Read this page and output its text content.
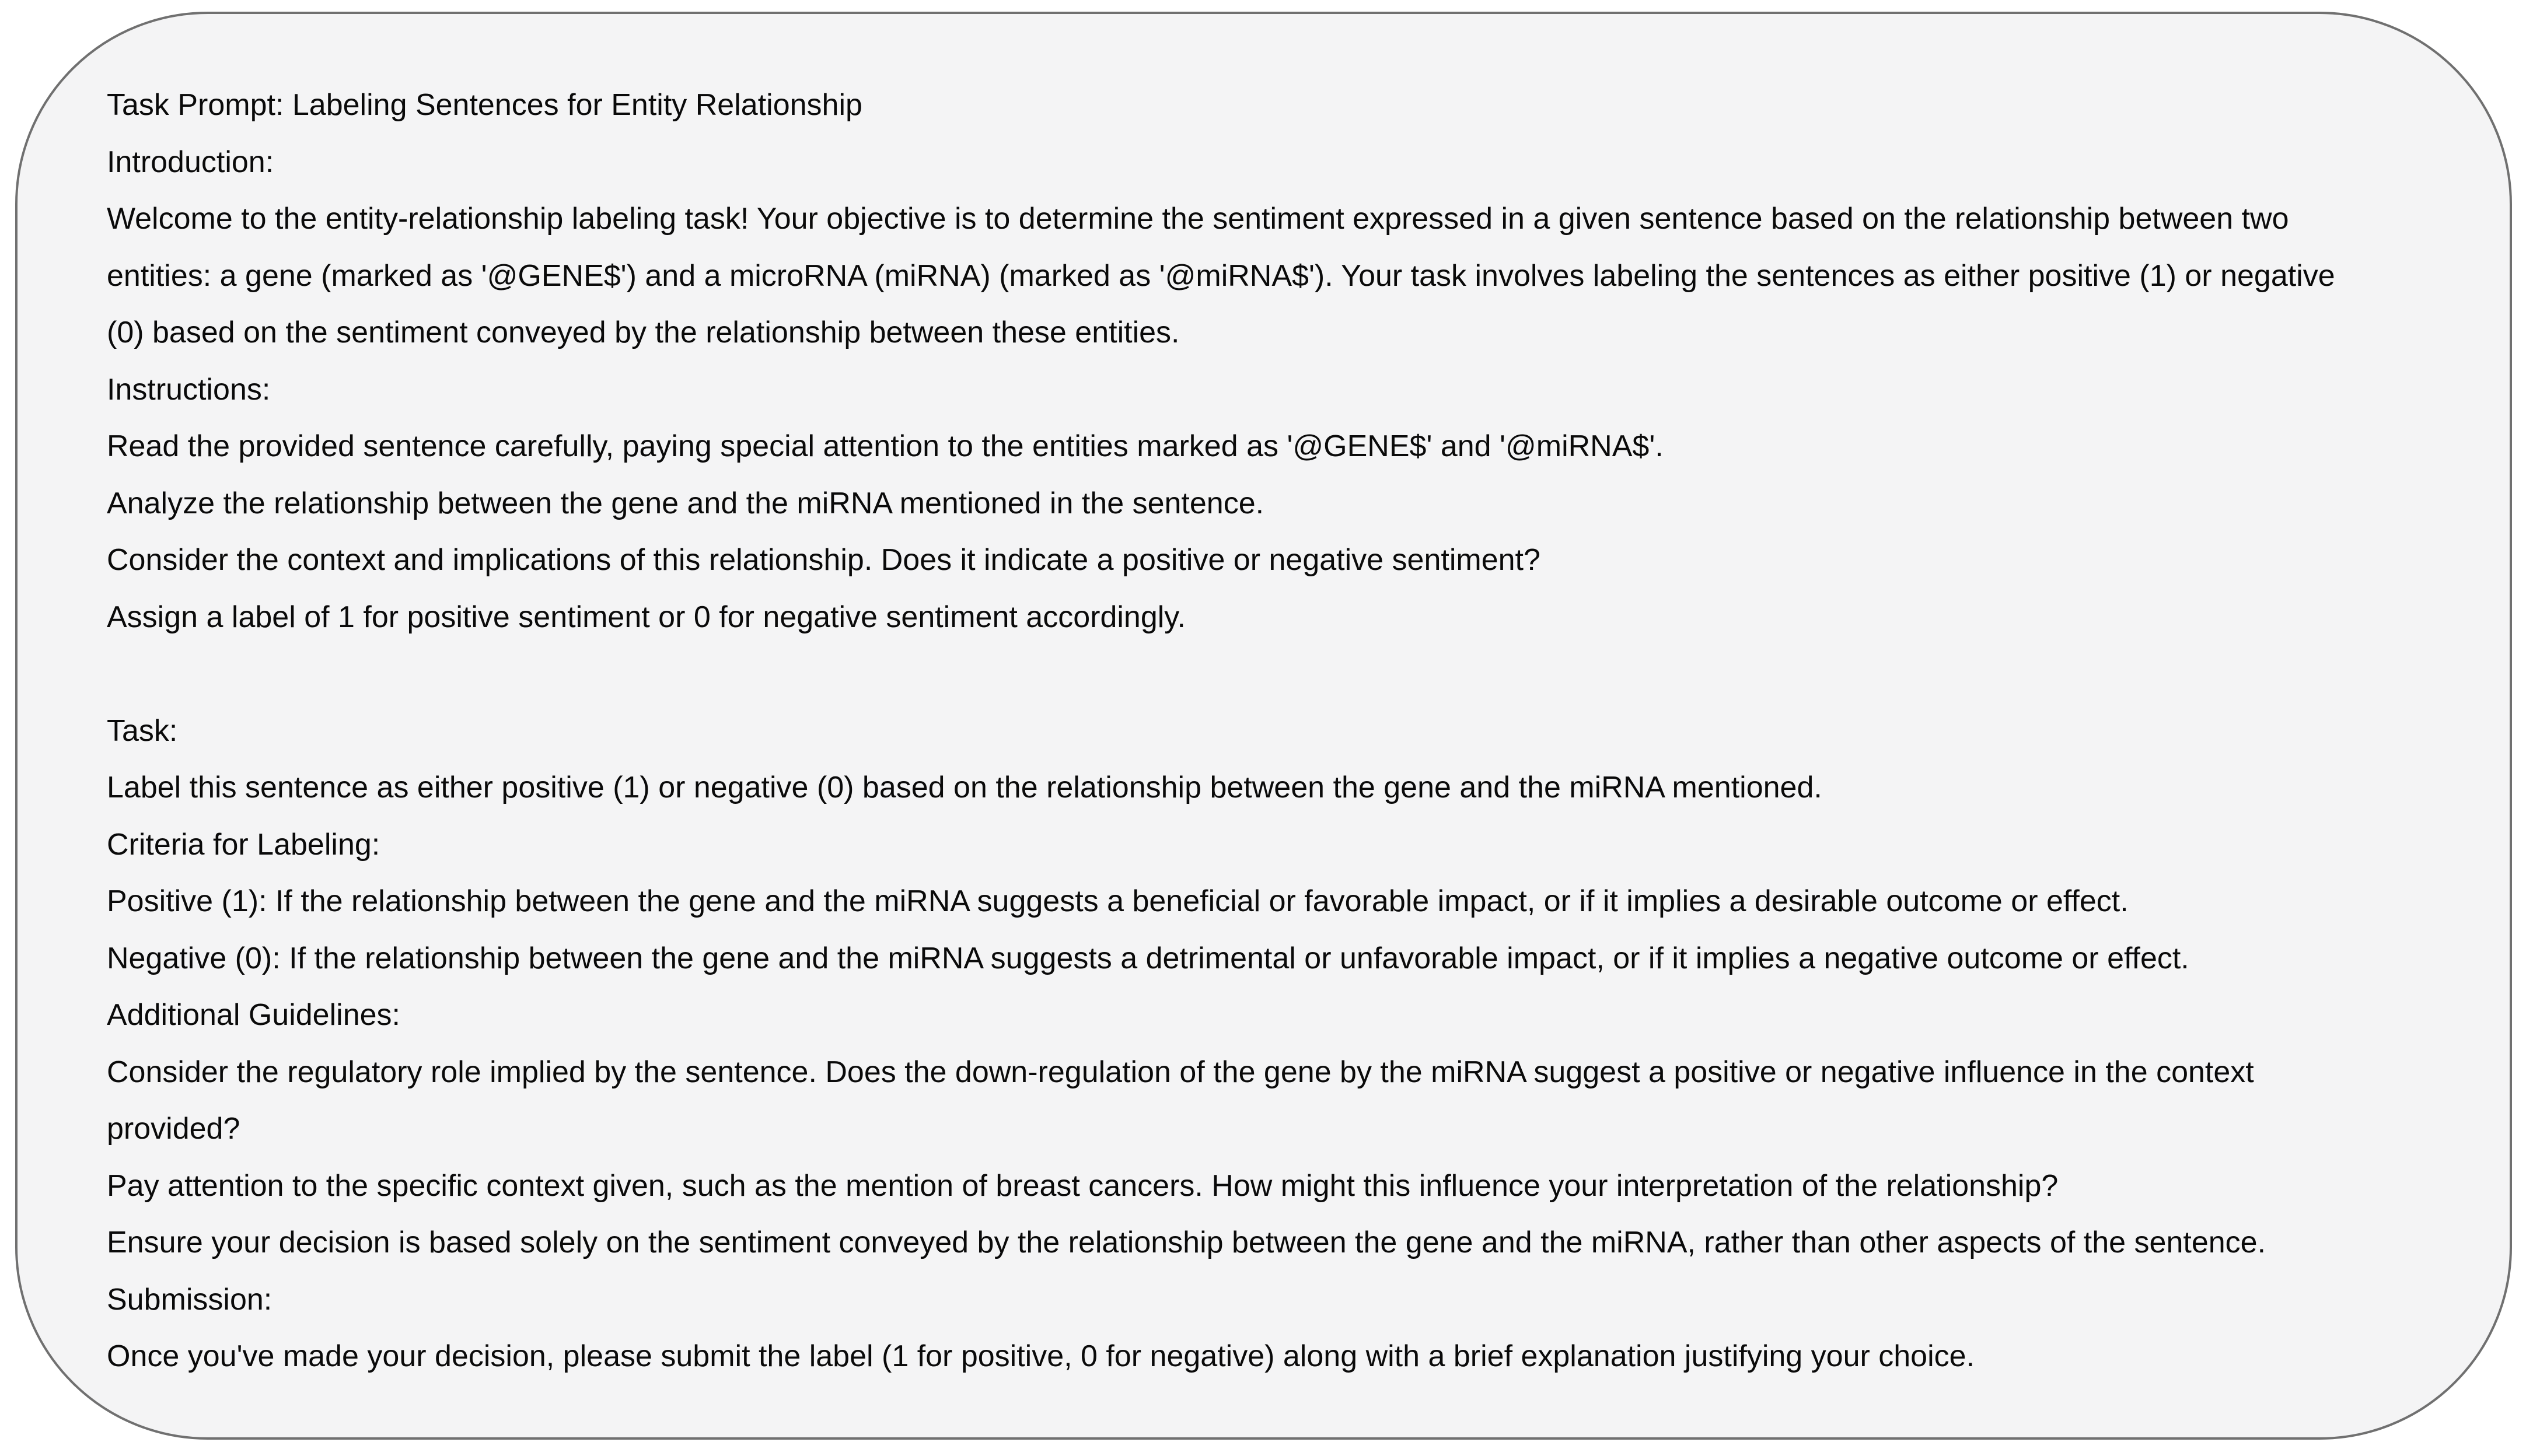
Task Prompt: Labeling Sentences for Entity Relationship
Introduction:
Welcome to the entity-relationship labeling task! Your objective is to determine the sentiment expressed in a given sentence based on the relationship between two
entities: a gene (marked as '@GENE$') and a microRNA (miRNA) (marked as '@miRNA$'). Your task involves labeling the sentences as either positive (1) or negative
(0) based on the sentiment conveyed by the relationship between these entities.
Instructions:
Read the provided sentence carefully, paying special attention to the entities marked as '@GENE$' and '@miRNA$'.
Analyze the relationship between the gene and the miRNA mentioned in the sentence.
Consider the context and implications of this relationship. Does it indicate a positive or negative sentiment?
Assign a label of 1 for positive sentiment or 0 for negative sentiment accordingly.
Task:
Label this sentence as either positive (1) or negative (0) based on the relationship between the gene and the miRNA mentioned.
Criteria for Labeling:
Positive (1): If the relationship between the gene and the miRNA suggests a beneficial or favorable impact, or if it implies a desirable outcome or effect.
Negative (0): If the relationship between the gene and the miRNA suggests a detrimental or unfavorable impact, or if it implies a negative outcome or effect.
Additional Guidelines:
Consider the regulatory role implied by the sentence. Does the down-regulation of the gene by the miRNA suggest a positive or negative influence in the context
provided?
Pay attention to the specific context given, such as the mention of breast cancers. How might this influence your interpretation of the relationship?
Ensure your decision is based solely on the sentiment conveyed by the relationship between the gene and the miRNA, rather than other aspects of the sentence.
Submission:
Once you've made your decision, please submit the label (1 for positive, 0 for negative) along with a brief explanation justifying your choice.
